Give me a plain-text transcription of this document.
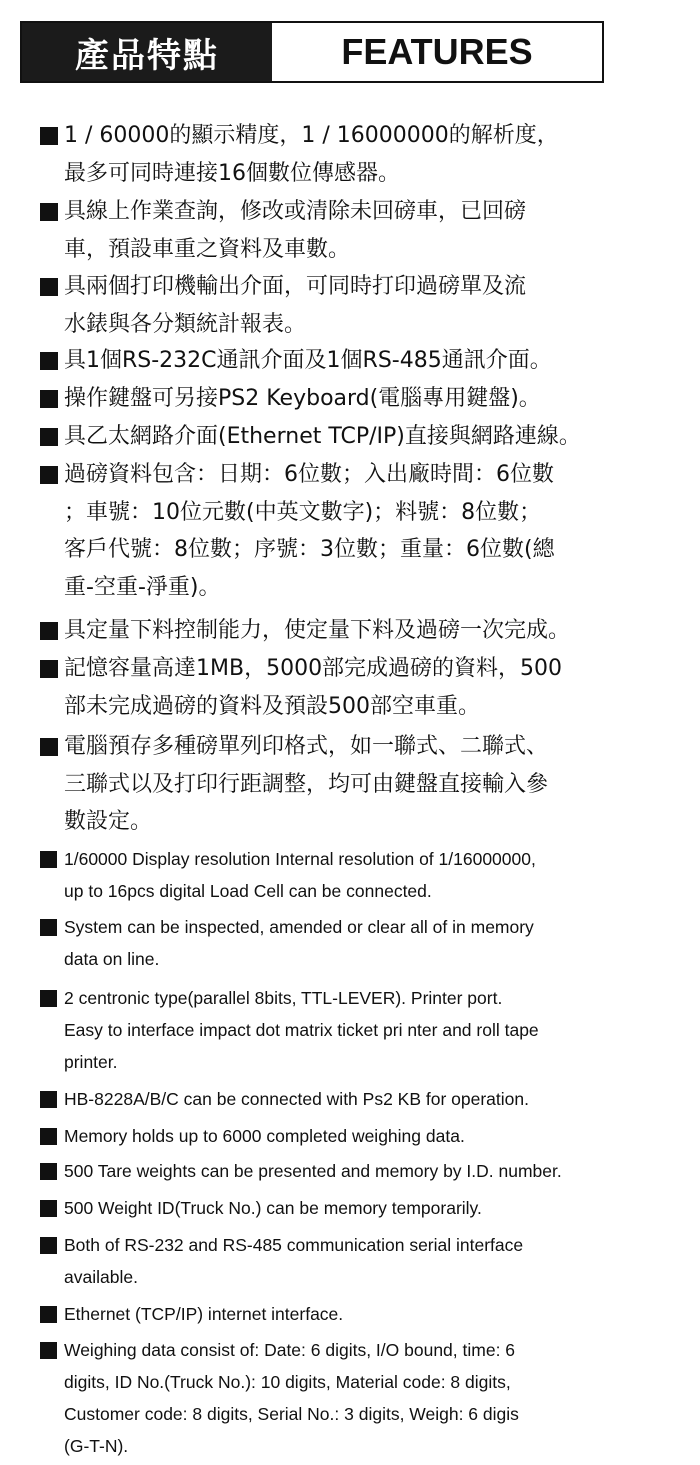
產品特點	FEATURES
1 / 60000的顯示精度，1 / 16000000的解析度，
最多可同時連接16個數位傳感器。
具線上作業查詢，修改或清除未回磅車，已回磅
車，預設車重之資料及車數。
具兩個打印機輸出介面，可同時打印過磅單及流
水錶與各分類統計報表。
具1個RS-232C通訊介面及1個RS-485通訊介面。
操作鍵盤可另接PS2 Keyboard(電腦專用鍵盤)。
具乙太網路介面(Ethernet TCP/IP)直接與網路連線。
過磅資料包含：日期：6位數；入出廠時間：6位數
；車號：10位元數(中英文數字)；料號：8位數；
客戶代號：8位數；序號：3位數；重量：6位數(總
重-空重-淨重)。
具定量下料控制能力，使定量下料及過磅一次完成。
記憶容量高達1MB，5000部完成過磅的資料，500
部未完成過磅的資料及預設500部空車重。
電腦預存多種磅單列印格式，如一聯式、二聯式、
三聯式以及打印行距調整，均可由鍵盤直接輸入參
數設定。
1/60000 Display resolution Internal resolution of 1/16000000,
up to 16pcs digital Load Cell can be connected.
System can be inspected, amended or clear all of in memory
data on line.
2 centronic type(parallel 8bits, TTL-LEVER). Printer port.
Easy to interface impact dot matrix ticket pri nter and roll tape
printer.
HB-8228A/B/C can be connected with Ps2 KB for operation.
Memory holds up to 6000 completed weighing data.
500 Tare weights can be presented and memory by I.D. number.
500 Weight ID(Truck No.) can be memory temporarily.
Both of RS-232 and RS-485 communication serial interface
available.
Ethernet (TCP/IP) internet interface.
Weighing data consist of: Date: 6 digits, I/O bound, time: 6
digits, ID No.(Truck No.): 10 digits, Material code: 8 digits,
Customer code: 8 digits, Serial No.: 3 digits, Weigh: 6 digis
(G-T-N).
